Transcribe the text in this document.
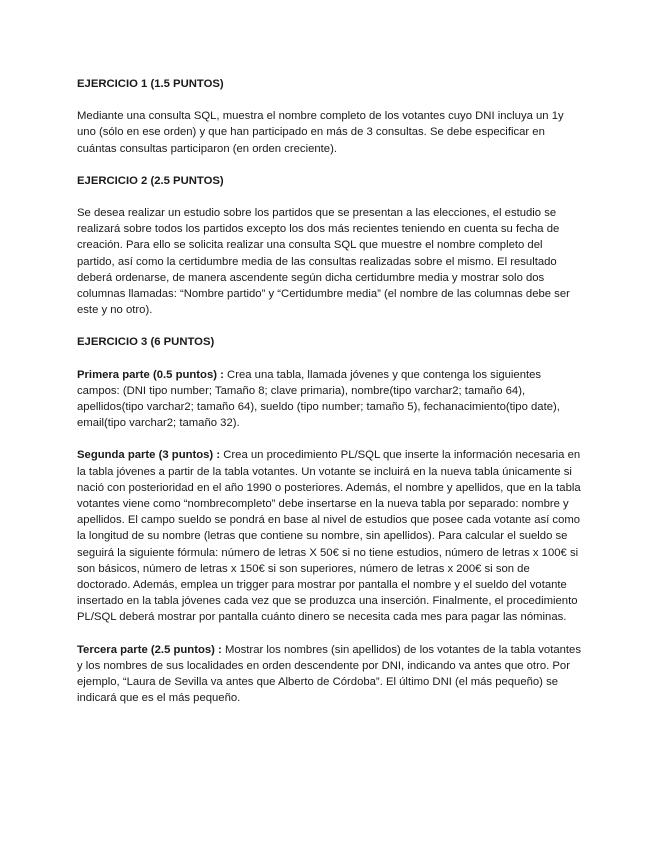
EJERCICIO 1 (1.5 PUNTOS)
Mediante una consulta SQL, muestra el nombre completo de los votantes cuyo DNI incluya un 1y uno (sólo en ese orden) y que han participado en más de 3 consultas. Se debe especificar en cuántas consultas participaron (en orden creciente).
EJERCICIO 2 (2.5 PUNTOS)
Se desea realizar un estudio sobre los partidos que se presentan a las elecciones, el estudio se realizará sobre todos los partidos excepto los dos más recientes teniendo en cuenta su fecha de creación. Para ello se solicita realizar una consulta SQL que muestre el nombre completo del partido, así como la certidumbre media de las consultas realizadas sobre el mismo. El resultado deberá ordenarse, de manera ascendente según dicha certidumbre media y mostrar solo dos columnas llamadas: “Nombre partido” y “Certidumbre media” (el nombre de las columnas debe ser este y no otro).
EJERCICIO 3 (6 PUNTOS)
Primera parte (0.5 puntos) : Crea una tabla, llamada jóvenes y que contenga los siguientes campos: (DNI tipo number; Tamaño 8; clave primaria), nombre(tipo varchar2; tamaño 64), apellidos(tipo varchar2; tamaño 64), sueldo (tipo number; tamaño 5), fechanacimiento(tipo date), email(tipo varchar2; tamaño 32).
Segunda parte (3 puntos) : Crea un procedimiento PL/SQL que inserte la información necesaria en la tabla jóvenes a partir de la tabla votantes. Un votante se incluirá en la nueva tabla únicamente si nació con posterioridad en el año 1990 o posteriores. Además, el nombre y apellidos, que en la tabla votantes viene como “nombrecompleto” debe insertarse en la nueva tabla por separado: nombre y apellidos. El campo sueldo se pondrá en base al nivel de estudios que posee cada votante así como la longitud de su nombre (letras que contiene su nombre, sin apellidos). Para calcular el sueldo se seguirá la siguiente fórmula: número de letras X 50€ si no tiene estudios, número de letras x 100€ si son básicos, número de letras x 150€ si son superiores, número de letras x 200€ si son de doctorado. Además, emplea un trigger para mostrar por pantalla el nombre y el sueldo del votante insertado en la tabla jóvenes cada vez que se produzca una inserción. Finalmente, el procedimiento PL/SQL deberá mostrar por pantalla cuánto dinero se necesita cada mes para pagar las nóminas.
Tercera parte (2.5 puntos) : Mostrar los nombres (sin apellidos) de los votantes de la tabla votantes y los nombres de sus localidades en orden descendente por DNI, indicando va antes que otro. Por ejemplo, “Laura de Sevilla va antes que Alberto de Córdoba”. El último DNI (el más pequeño) se indicará que es el más pequeño.
